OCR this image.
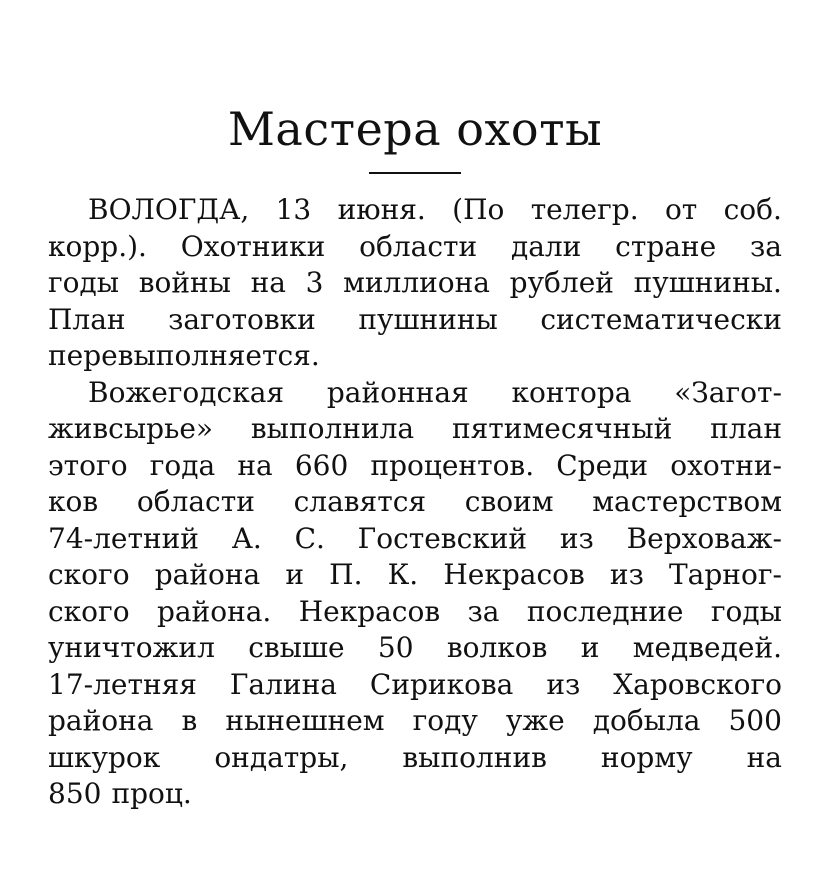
Мастера охоты
ВОЛОГДА, 13 июня. (По телегр. от соб.
корр.). Охотники области дали стране за
годы войны на 3 миллиона рублей пушнины.
План заготовки пушнины систематически
перевыполняется.
Вожегодская районная контора «Загот-
живсырье» выполнила пятимесячный план
этого года на 660 процентов. Среди охотни-
ков области славятся своим мастерством
74-летний А. С. Гостевский из Верховаж-
ского района и П. К. Некрасов из Тарног-
ского района. Некрасов за последние годы
уничтожил свыше 50 волков и медведей.
17-летняя Галина Сирикова из Харовского
района в нынешнем году уже добыла 500
шкурок ондатры, выполнив норму на
850 проц.
